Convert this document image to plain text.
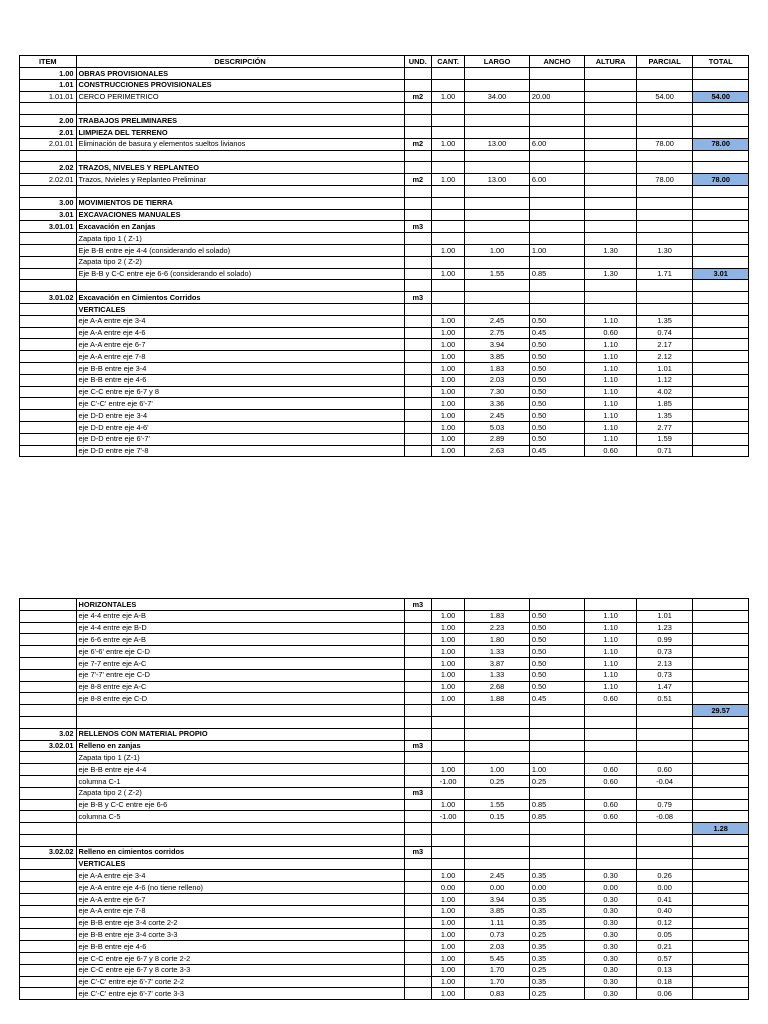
ITEM	DESCRIPCIÓN	UND.	CANT.	LARGO	ANCHO	ALTURA	PARCIAL	TOTAL
1.00	OBRAS PROVISIONALES							
1.01	CONSTRUCCIONES PROVISIONALES							
1.01.01	CERCO PERIMETRICO	m2	1.00	34.00	20.00		54.00	54.00

2.00	TRABAJOS PRELIMINARES							
2.01	LIMPIEZA DEL TERRENO							
2.01.01	Eliminación de basura y elementos sueltos livianos	m2	1.00	13.00	6.00		78.00	78.00

2.02	TRAZOS, NIVELES Y REPLANTEO							
2.02.01	Trazos, Nvieles y Replanteo Preliminar	m2	1.00	13.00	6.00		78.00	78.00

3.00	MOVIMIENTOS DE TIERRA							
3.01	EXCAVACIONES MANUALES							
3.01.01	Excavación en Zanjas	m3						
	Zapata tipo 1 ( Z-1)							
	Eje B-B entre eje 4-4 (considerando el solado)		1.00	1.00	1.00	1.30	1.30	
	Zapata tipo 2 ( Z-2)							
	Eje B-B y C-C entre eje 6-6 (considerando el solado)		1.00	1.55	0.85	1.30	1.71	3.01

3.01.02	Excavación en Cimientos Corridos	m3						
	VERTICALES							
	eje A-A entre eje 3-4		1.00	2.45	0.50	1.10	1.35	
	eje A-A entre eje 4-6		1.00	2.75	0.45	0.60	0.74	
	eje A-A entre eje 6-7		1.00	3.94	0.50	1.10	2.17	
	eje A-A entre eje 7-8		1.00	3.85	0.50	1.10	2.12	
	eje B-B entre eje 3-4		1.00	1.83	0.50	1.10	1.01	
	eje B-B entre eje 4-6		1.00	2.03	0.50	1.10	1.12	
	eje C-C entre eje 6-7 y 8		1.00	7.30	0.50	1.10	4.02	
	eje C'-C' entre eje 6'-7'		1.00	3.36	0.50	1.10	1.85	
	eje D-D entre eje 3-4		1.00	2.45	0.50	1.10	1.35	
	eje D-D entre eje 4-6'		1.00	5.03	0.50	1.10	2.77	
	eje D-D entre eje 6'-7'		1.00	2.89	0.50	1.10	1.59	
	eje D-D entre eje 7'-8		1.00	2.63	0.45	0.60	0.71	
	HORIZONTALES	m3						
	eje 4-4 entre eje A-B		1.00	1.83	0.50	1.10	1.01	
	eje 4-4 entre eje B-D		1.00	2.23	0.50	1.10	1.23	
	eje 6-6 entre eje A-B		1.00	1.80	0.50	1.10	0.99	
	eje 6'-6' entre eje C-D		1.00	1.33	0.50	1.10	0.73	
	eje 7-7 entre eje A-C		1.00	3.87	0.50	1.10	2.13	
	eje 7'-7' entre eje C-D		1.00	1.33	0.50	1.10	0.73	
	eje 8-8 entre eje A-C		1.00	2.68	0.50	1.10	1.47	
	eje 8-8 entre eje C-D		1.00	1.88	0.45	0.60	0.51	
								29.57

3.02	RELLENOS CON MATERIAL PROPIO							
3.02.01	Relleno en zanjas	m3						
	Zapata tipo 1 (Z-1)							
	eje B-B entre eje 4-4		1.00	1.00	1.00	0.60	0.60	
	columna C-1		-1.00	0.25	0.25	0.60	-0.04	
	Zapata tipo 2 ( Z-2)	m3						
	eje B-B y C-C entre eje 6-6		1.00	1.55	0.85	0.60	0.79	
	columna C-5		-1.00	0.15	0.85	0.60	-0.08	
								1.28

3.02.02	Relleno en cimientos corridos	m3						
	VERTICALES							
	eje A-A entre eje 3-4		1.00	2.45	0.35	0.30	0.26	
	eje A-A entre eje 4-6 (no tiene relleno)		0.00	0.00	0.00	0.00	0.00	
	eje A-A entre eje 6-7		1.00	3.94	0.35	0.30	0.41	
	eje A-A entre eje 7-8		1.00	3.85	0.35	0.30	0.40	
	eje B-B entre eje 3-4 corte 2-2		1.00	1.11	0.35	0.30	0.12	
	eje B-B entre eje 3-4 corte 3-3		1.00	0.73	0.25	0.30	0.05	
	eje B-B entre eje 4-6		1.00	2.03	0.35	0.30	0.21	
	eje C-C entre eje 6-7 y 8 corte 2-2		1.00	5.45	0.35	0.30	0.57	
	eje C-C entre eje 6-7 y 8 corte 3-3		1.00	1.70	0.25	0.30	0.13	
	eje C'-C' entre eje 6'-7' corte 2-2		1.00	1.70	0.35	0.30	0.18	
	eje C'-C' entre eje 6'-7' corte 3-3		1.00	0.83	0.25	0.30	0.06	
